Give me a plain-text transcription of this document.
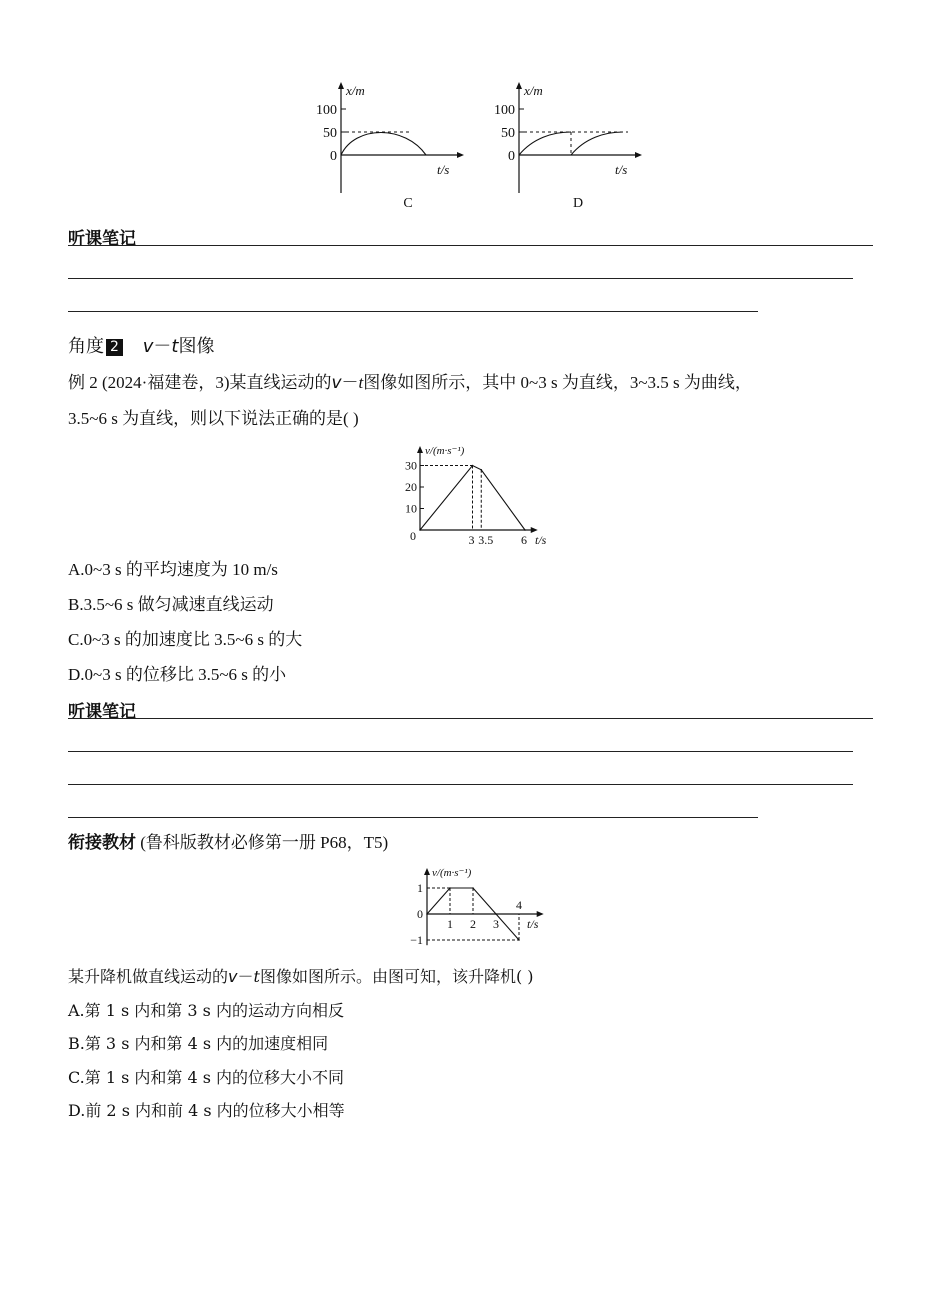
x/m
100
50
0
t/s
C
x/m
100
50
0
t/s
D
听课笔记
角度 2 v－t图像
例 2 (2024·福建卷，3)某直线运动的v－t图像如图所示，其中 0~3 s 为直线，3~3.5 s 为曲线，
3.5~6 s 为直线，则以下说法正确的是( )
10
20
30
0	3 3.5 6 t/s
v/(m·s⁻¹)
A.0~3 s 的平均速度为 10 m/s
B.3.5~6 s 做匀减速直线运动
C.0~3 s 的加速度比 3.5~6 s 的大
D.0~3 s 的位移比 3.5~6 s 的小
听课笔记
衔接教材 (鲁科版教材必修第一册 P68，T5)
1
0
−1
1 2 3
4
t/s
v/(m·s⁻¹)
某升降机做直线运动的v－t图像如图所示。由图可知，该升降机( )
A.第 1 s 内和第 3 s 内的运动方向相反
B.第 3 s 内和第 4 s 内的加速度相同
C.第 1 s 内和第 4 s 内的位移大小不同
D.前 2 s 内和前 4 s 内的位移大小相等
